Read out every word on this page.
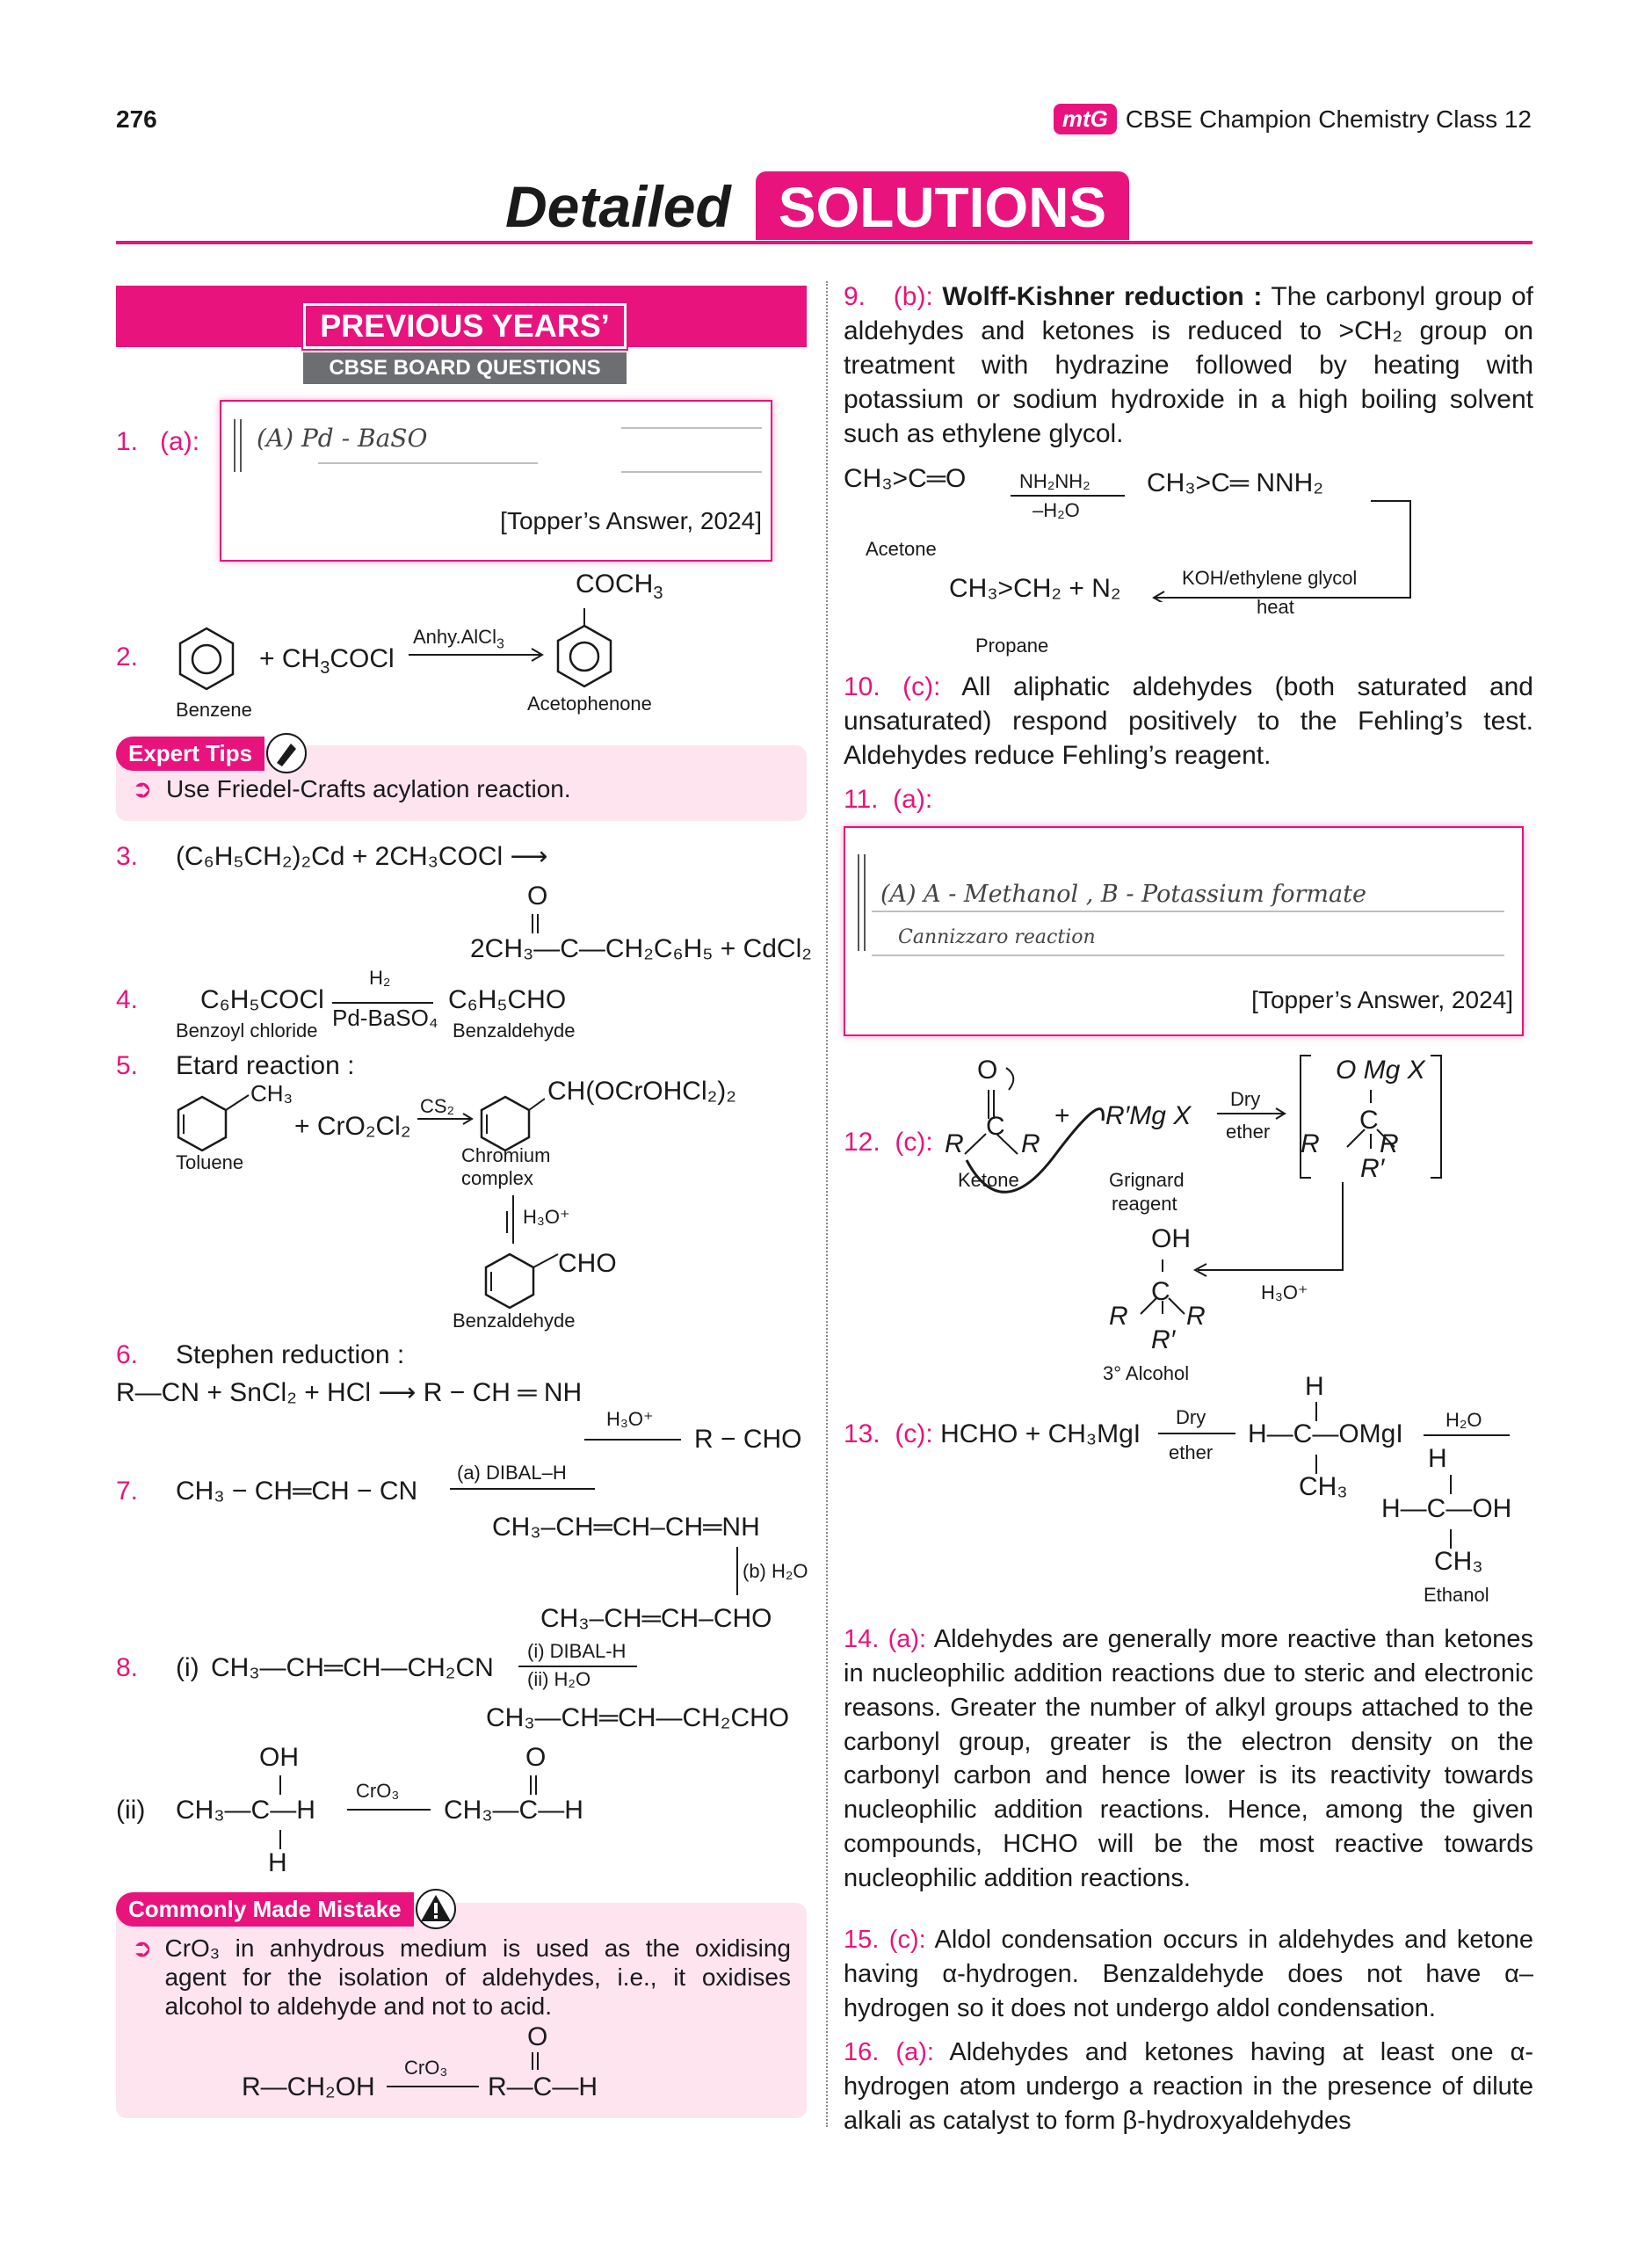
276	mtG CBSE Champion Chemistry Class 12
Detailed SOLUTIONS
PREVIOUS YEARS’
CBSE BOARD QUESTIONS
1. (a): (A) Pd - BaSO
[Topper’s Answer, 2024]
2.	+ $CH_3COCl$
Anhy.AlCl$_3$
$COCH_3$
Benzene	Acetophenone
Expert Tips
➲ Use Friedel-Crafts acylation reaction.
3. (C₆H₅CH₂)₂Cd + 2CH₃COCl ⟶
O
2CH₃—C—CH₂C₆H₅ + CdCl₂
4. C₆H₅COCl
H₂
Pd-BaSO₄
C₆H₅CHO
Benzoyl chloride	Benzaldehyde
5. Etard reaction :
CH₃
+ CrO₂Cl₂
CS₂
CH(OCrOHCl₂)₂
Toluene	Chromium
complex
H₃O⁺
CHO
Benzaldehyde
6. Stephen reduction :
R—CN + SnCl₂ + HCl ⟶ R − CH ═ NH
H₃O⁺
R − CHO
7. CH₃ − CH═CH − CN
(a) DIBAL–H
CH₃–CH═CH–CH═NH
(b) H₂O
CH₃–CH═CH–CHO
8. (i) CH₃—CH═CH—CH₂CN
(i) DIBAL-H
(ii) H₂O
CH₃—CH═CH—CH₂CHO
OH
(ii) CH₃—C—H
H
CrO₃
O
CH₃—C—H
Commonly Made Mistake
➲ CrO₃ in anhydrous medium is used as the oxidising agent for the isolation of aldehydes, i.e., it oxidises alcohol to aldehyde and not to acid.
O
R—CH₂OH
CrO₃
R—C—H
9. (b): Wolff-Kishner reduction : The carbonyl group of aldehydes and ketones is reduced to >CH₂ group on treatment with hydrazine followed by heating with potassium or sodium hydroxide in a high boiling solvent such as ethylene glycol.
CH₃>C═O	NH₂NH₂
–H₂O
CH₃>C═ NNH₂
Acetone
KOH/ethylene glycol
heat
CH₃>CH₂ + N₂
Propane
10. (c): All aliphatic aldehydes (both saturated and unsaturated) respond positively to the Fehling’s test. Aldehydes reduce Fehling’s reagent.
11. (a):
(A) A - Methanol , B - Potassium formate
Cannizzaro reaction
[Topper’s Answer, 2024]
12. (c):
O
C
R R
+ R′Mg X
Dry
ether
O Mg X
C
R R
R′
Ketone	Grignard
reagent
OH
H₃O⁺
C
R R
R′
3° Alcohol	H
13. (c): HCHO + CH₃MgI
Dry
ether
H—C—OMgI
CH₃
H₂O
H
H—C—OH
CH₃
Ethanol
14. (a): Aldehydes are generally more reactive than ketones in nucleophilic addition reactions due to steric and electronic reasons. Greater the number of alkyl groups attached to the carbonyl group, greater is the electron density on the carbonyl carbon and hence lower is its reactivity towards nucleophilic addition reactions. Hence, among the given compounds, HCHO will be the most reactive towards nucleophilic addition reactions.
15. (c): Aldol condensation occurs in aldehydes and ketone having α-hydrogen. Benzaldehyde does not have α–hydrogen so it does not undergo aldol condensation.
16. (a): Aldehydes and ketones having at least one α-hydrogen atom undergo a reaction in the presence of dilute alkali as catalyst to form β-hydroxyaldehydes
